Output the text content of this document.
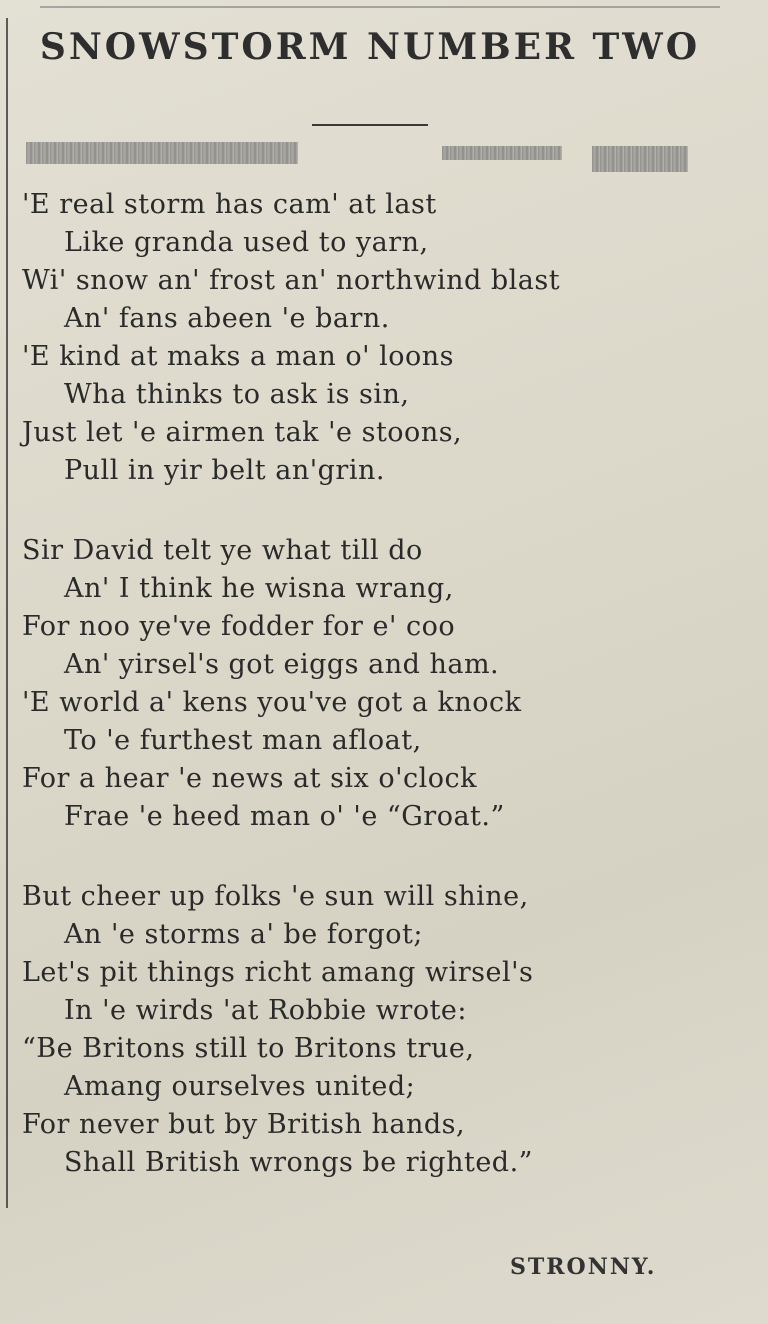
SNOWSTORM NUMBER TWO
'E real storm has cam' at last
Like granda used to yarn,
Wi' snow an' frost an' northwind blast
An' fans abeen 'e barn.
'E kind at maks a man o' loons
Wha thinks to ask is sin,
Just let 'e airmen tak 'e stoons,
Pull in yir belt an'grin.
Sir David telt ye what till do
An' I think he wisna wrang,
For noo ye've fodder for e' coo
An' yirsel's got eiggs and ham.
'E world a' kens you've got a knock
To 'e furthest man afloat,
For a hear 'e news at six o'clock
Frae 'e heed man o' 'e “Groat.”
But cheer up folks 'e sun will shine,
An 'e storms a' be forgot;
Let's pit things richt amang wirsel's
In 'e wirds 'at Robbie wrote:
“Be Britons still to Britons true,
Amang ourselves united;
For never but by British hands,
Shall British wrongs be righted.”
STRONNY.
